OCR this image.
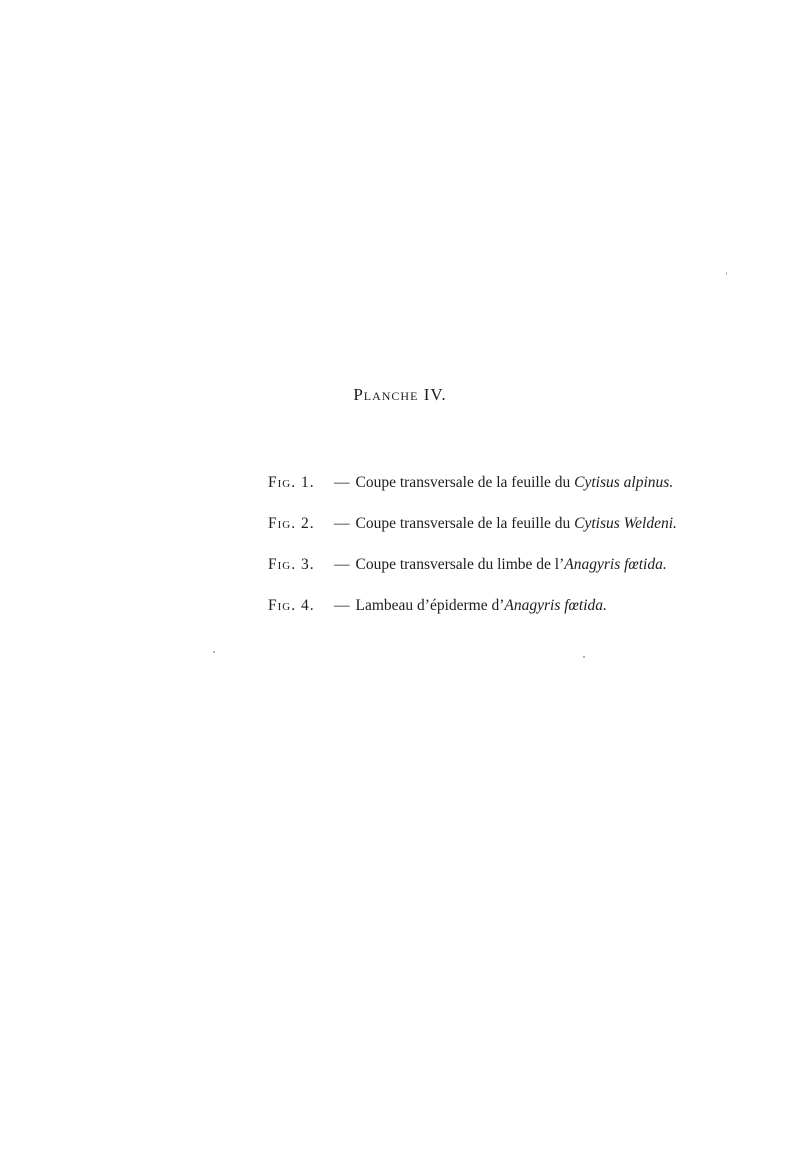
Planche IV.
Fig. 1. — Coupe transversale de la feuille du Cytisus alpinus.
Fig. 2. — Coupe transversale de la feuille du Cytisus Weldeni.
Fig. 3. — Coupe transversale du limbe de l’Anagyris fœtida.
Fig. 4. — Lambeau d’épiderme d’Anagyris fœtida.
